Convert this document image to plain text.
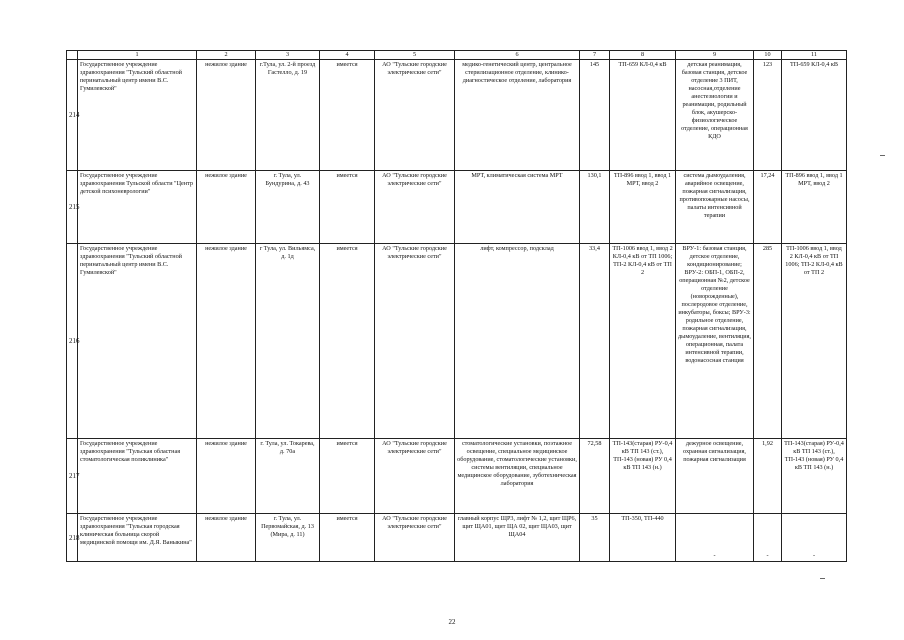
	1	2	3	4	5	6	7	8	9	10	11
214	Государственное учреждение здравоохранения "Тульский областной перинатальный центр имени В.С. Гумилевской"	нежилое здание	г.Тула, ул. 2-й проезд Гастелло, д. 19	имеется	АО "Тульские городские электрические сети"	медико-генетический центр, центральное стерилизационное отделение, клинико-диагностическое отделение, лаборатория	145	ТП-659 КЛ-0,4 кВ	детская реанимация, базовая станция, детское отделение 3 ПИТ, насосная,отделение анестезиологии и реанимации, родильный блок, акушерско-физиологическое отделение, операционная КДО	123	ТП-659 КЛ-0,4 кВ
215	Государственное учреждение здравоохранения Тульской области "Центр детской психоневрологии"	нежилое здание	г. Тула, ул. Бундурина, д. 43	имеется	АО "Тульские городские электрические сети"	МРТ, климатическая система МРТ	130,1	ТП-896 ввод 1, ввод 1 МРТ, ввод 2	система дымоудаления, аварийное освещение, пожарная сигнализация, противопожарные насосы, палаты интенсивной терапии	17,24	ТП-896 ввод 1, ввод 1 МРТ, ввод 2
216	Государственное учреждение здравоохранения "Тульский областной перинатальный центр имени В.С. Гумилевской"	нежилое здание	г Тула, ул. Вильямса, д. 1д	имеется	АО "Тульские городские электрические сети"	лифт, компрессор, подсклад	33,4	ТП-1006 ввод 1, ввод 2 КЛ-0,4 кВ от ТП 1006; ТП-2 КЛ-0,4 кВ от ТП 2	ВРУ-1: базовая станция, детское отделение, кондиционирование; ВРУ-2: ОБП-1, ОБП-2, операционная №2, детское отделение (новорожденные), послеродовое отделение, инкубаторы, боксы; ВРУ-3: родильное отделение, пожарная сигнализация, дымоудаление, вентиляция, операционная, палата интенсивной терапии, водонасосная станция	285	ТП-1006 ввод 1, ввод 2 КЛ-0,4 кВ от ТП 1006; ТП-2 КЛ-0,4 кВ от ТП 2
217	Государственное учреждение здравоохранения "Тульская областная стоматологическая поликлиника"	нежилое здание	г. Тула, ул. Токарева, д. 70а	имеется	АО "Тульские городские электрические сети"	стоматологические установки, поэтажное освещение, специальное медицинское оборудование, стоматологические установки, системы вентиляции, специальное медицинское оборудование, зуботехническая лаборатория	72,58	ТП-143(старая) РУ-0,4 кВ ТП 143 (ст.), ТП-143 (новая) РУ 0,4 кВ ТП 143 (н.)	дежурное освещение, охранная сигнализация, пожарная сигнализация	1,92	ТП-143(старая) РУ-0,4 кВ ТП 143 (ст.), ТП-143 (новая) РУ 0,4 кВ ТП 143 (н.)
218	Государственное учреждение здравоохранения "Тульская городская клиническая больница скорой медицинской помощи им. Д.Я. Ваныкина"	нежилое здание	г. Тула, ул. Первомайская, д. 13 (Мира, д. 11)	имеется	АО "Тульские городские электрические сети"	главный корпус ЩР3, лифт № 1,2, щит ЩР6, щит ЩА01, щит ЩА 02, щит ЩА03, щит ЩА04	35	ТП-350, ТП-440	-	-	-
22
